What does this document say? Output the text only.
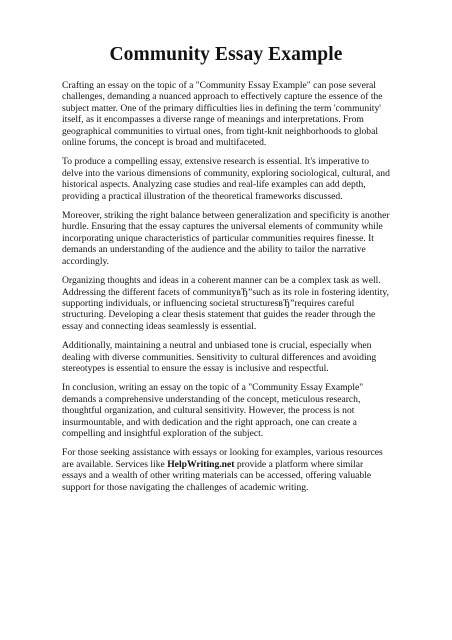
Community Essay Example

Crafting an essay on the topic of a "Community Essay Example" can pose several challenges, demanding a nuanced approach to effectively capture the essence of the subject matter. One of the primary difficulties lies in defining the term 'community' itself, as it encompasses a diverse range of meanings and interpretations. From geographical communities to virtual ones, from tight-knit neighborhoods to global online forums, the concept is broad and multifaceted.

To produce a compelling essay, extensive research is essential. It's imperative to delve into the various dimensions of community, exploring sociological, cultural, and historical aspects. Analyzing case studies and real-life examples can add depth, providing a practical illustration of the theoretical frameworks discussed.

Moreover, striking the right balance between generalization and specificity is another hurdle. Ensuring that the essay captures the universal elements of community while incorporating unique characteristics of particular communities requires finesse. It demands an understanding of the audience and the ability to tailor the narrative accordingly.

Organizing thoughts and ideas in a coherent manner can be a complex task as well. Addressing the different facets of communityвЂ”such as its role in fostering identity, supporting individuals, or influencing societal structuresвЂ”requires careful structuring. Developing a clear thesis statement that guides the reader through the essay and connecting ideas seamlessly is essential.

Additionally, maintaining a neutral and unbiased tone is crucial, especially when dealing with diverse communities. Sensitivity to cultural differences and avoiding stereotypes is essential to ensure the essay is inclusive and respectful.

In conclusion, writing an essay on the topic of a "Community Essay Example" demands a comprehensive understanding of the concept, meticulous research, thoughtful organization, and cultural sensitivity. However, the process is not insurmountable, and with dedication and the right approach, one can create a compelling and insightful exploration of the subject.

For those seeking assistance with essays or looking for examples, various resources are available. Services like HelpWriting.net provide a platform where similar essays and a wealth of other writing materials can be accessed, offering valuable support for those navigating the challenges of academic writing.
